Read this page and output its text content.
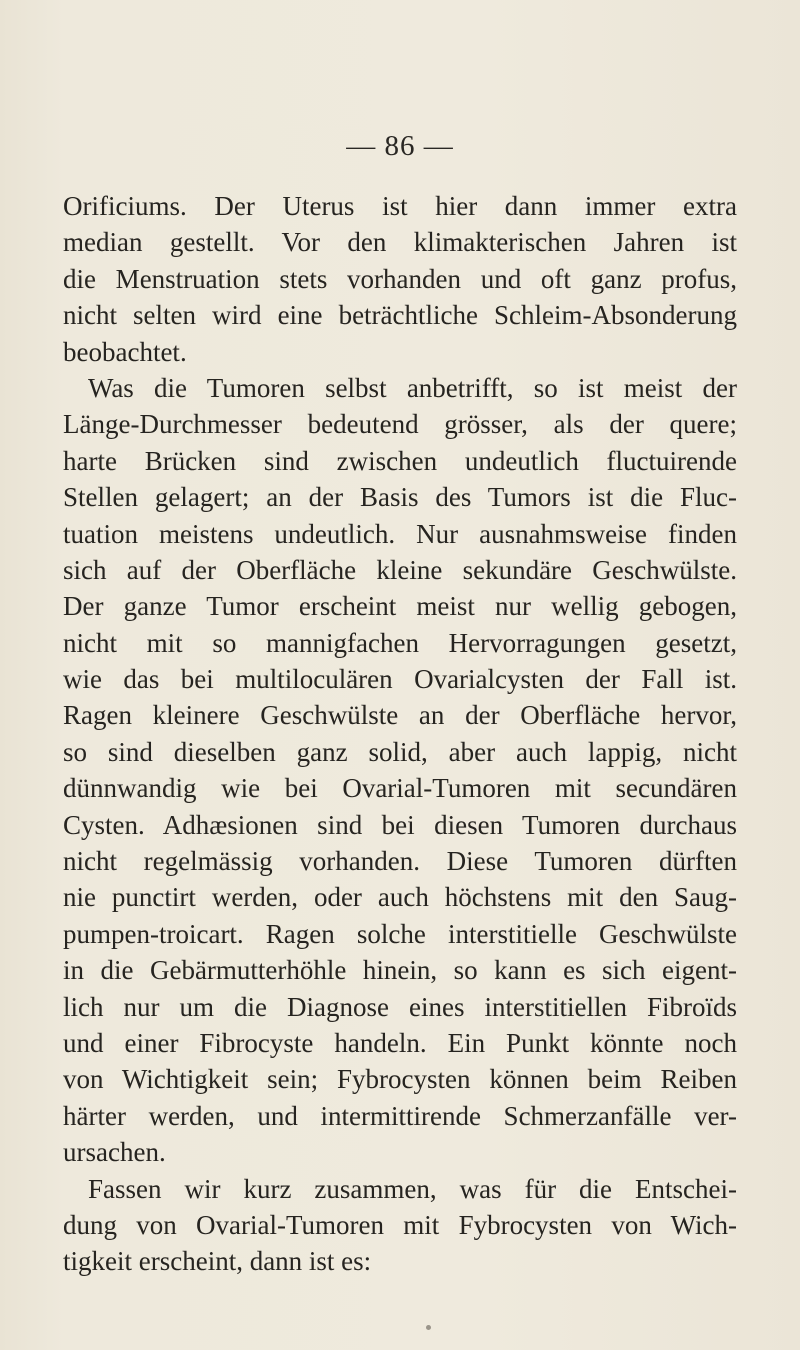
— 86 —
Orificiums. Der Uterus ist hier dann immer extra
median gestellt. Vor den klimakterischen Jahren ist
die Menstruation stets vorhanden und oft ganz profus,
nicht selten wird eine beträchtliche Schleim-Absonderung
beobachtet.
Was die Tumoren selbst anbetrifft, so ist meist der
Länge-Durchmesser bedeutend grösser, als der quere;
harte Brücken sind zwischen undeutlich fluctuirende
Stellen gelagert; an der Basis des Tumors ist die Fluc-
tuation meistens undeutlich. Nur ausnahmsweise finden
sich auf der Oberfläche kleine sekundäre Geschwülste.
Der ganze Tumor erscheint meist nur wellig gebogen,
nicht mit so mannigfachen Hervorragungen gesetzt,
wie das bei multiloculären Ovarialcysten der Fall ist.
Ragen kleinere Geschwülste an der Oberfläche hervor,
so sind dieselben ganz solid, aber auch lappig, nicht
dünnwandig wie bei Ovarial-Tumoren mit secundären
Cysten. Adhæsionen sind bei diesen Tumoren durchaus
nicht regelmässig vorhanden. Diese Tumoren dürften
nie punctirt werden, oder auch höchstens mit den Saug-
pumpen-troicart. Ragen solche interstitielle Geschwülste
in die Gebärmutterhöhle hinein, so kann es sich eigent-
lich nur um die Diagnose eines interstitiellen Fibroïds
und einer Fibrocyste handeln. Ein Punkt könnte noch
von Wichtigkeit sein; Fybrocysten können beim Reiben
härter werden, und intermittirende Schmerzanfälle ver-
ursachen.
Fassen wir kurz zusammen, was für die Entschei-
dung von Ovarial-Tumoren mit Fybrocysten von Wich-
tigkeit erscheint, dann ist es:
